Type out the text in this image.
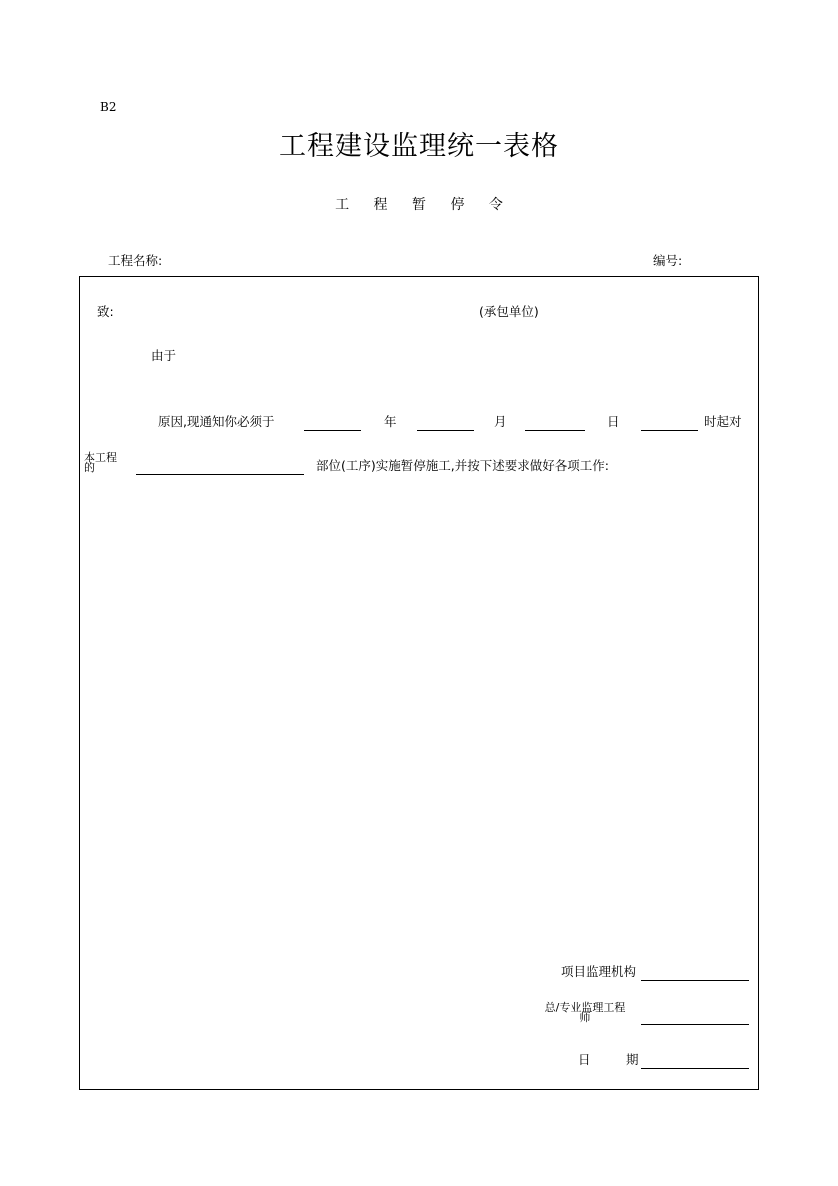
B2
工程建设监理统一表格
工 程 暂 停 令
工程名称:	编号:
致:	(承包单位)
由于
原因,现通知你必须于	年	月	日	时起对
本工程
的	部位(工序)实施暂停施工,并按下述要求做好各项工作:
项目监理机构
总/专业监理工程
师
日	期
